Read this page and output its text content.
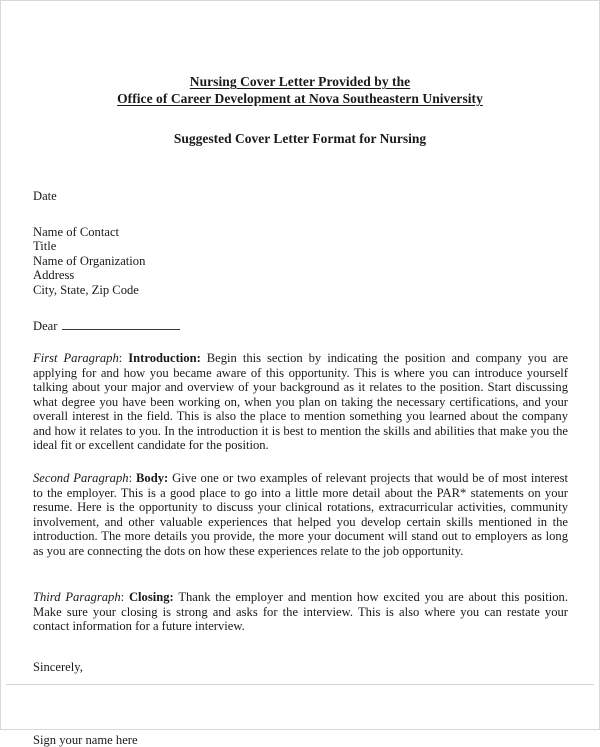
Nursing Cover Letter Provided by the
Office of Career Development at Nova Southeastern University
Suggested Cover Letter Format for Nursing
Date
Name of Contact
Title
Name of Organization
Address
City, State, Zip Code
Dear

First Paragraph: Introduction: Begin this section by indicating the position and company you are applying for and how you became aware of this opportunity. This is where you can introduce yourself talking about your major and overview of your background as it relates to the position. Start discussing what degree you have been working on, when you plan on taking the necessary certifications, and your overall interest in the field. This is also the place to mention something you learned about the company and how it relates to you. In the introduction it is best to mention the skills and abilities that make you the ideal fit or excellent candidate for the position.

Second Paragraph: Body: Give one or two examples of relevant projects that would be of most interest to the employer. This is a good place to go into a little more detail about the PAR* statements on your resume. Here is the opportunity to discuss your clinical rotations, extracurricular activities, community involvement, and other valuable experiences that helped you develop certain skills mentioned in the introduction. The more details you provide, the more your document will stand out to employers as long as you are connecting the dots on how these experiences relate to the job opportunity.

Third Paragraph: Closing: Thank the employer and mention how excited you are about this position. Make sure your closing is strong and asks for the interview. This is also where you can restate your contact information for a future interview.

Sincerely,

Sign your name here
